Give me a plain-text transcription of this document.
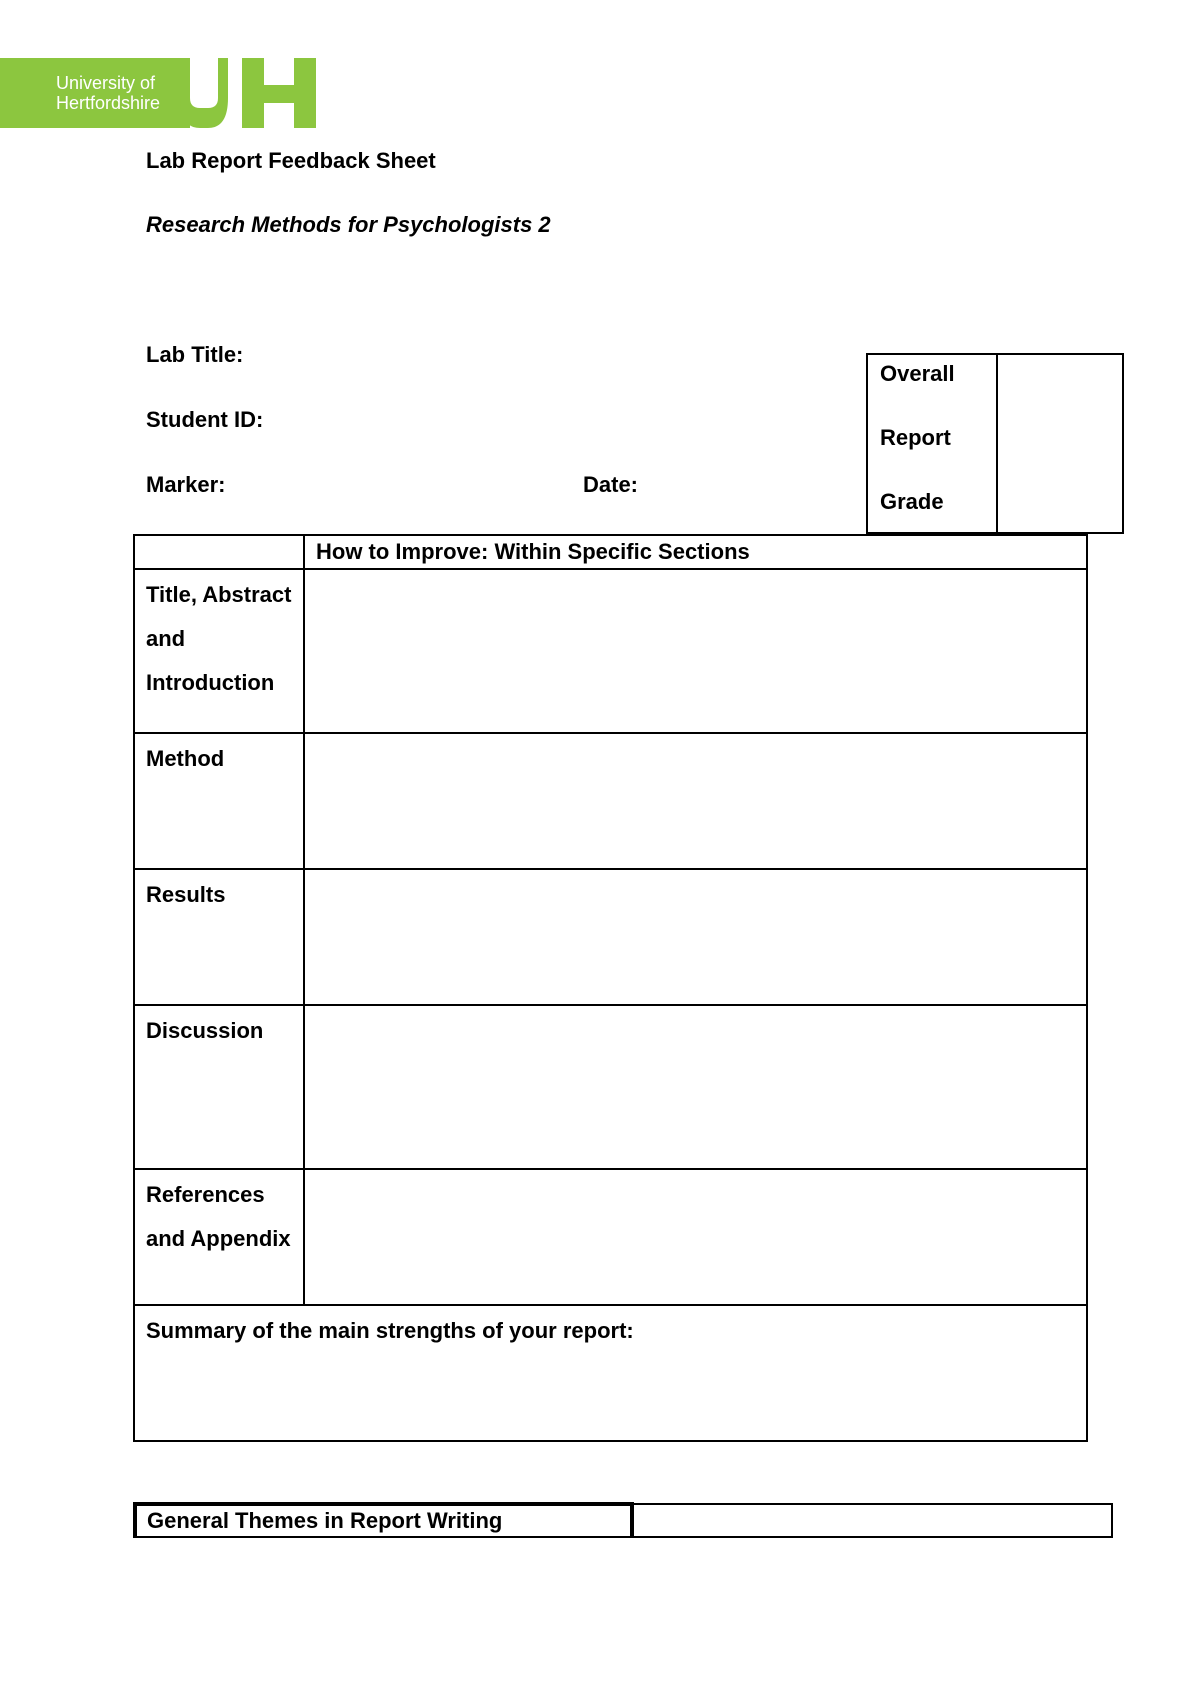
University of
Hertfordshire
Lab Report Feedback Sheet
Research Methods for Psychologists 2
Lab Title:
Student ID:
Marker:	Date:
Overall
Report
Grade
	How to Improve: Within Specific Sections
Title, Abstract and Introduction	
Method	
Results	
Discussion	
References and Appendix	
Summary of the main strengths of your report:	
General Themes in Report Writing	
